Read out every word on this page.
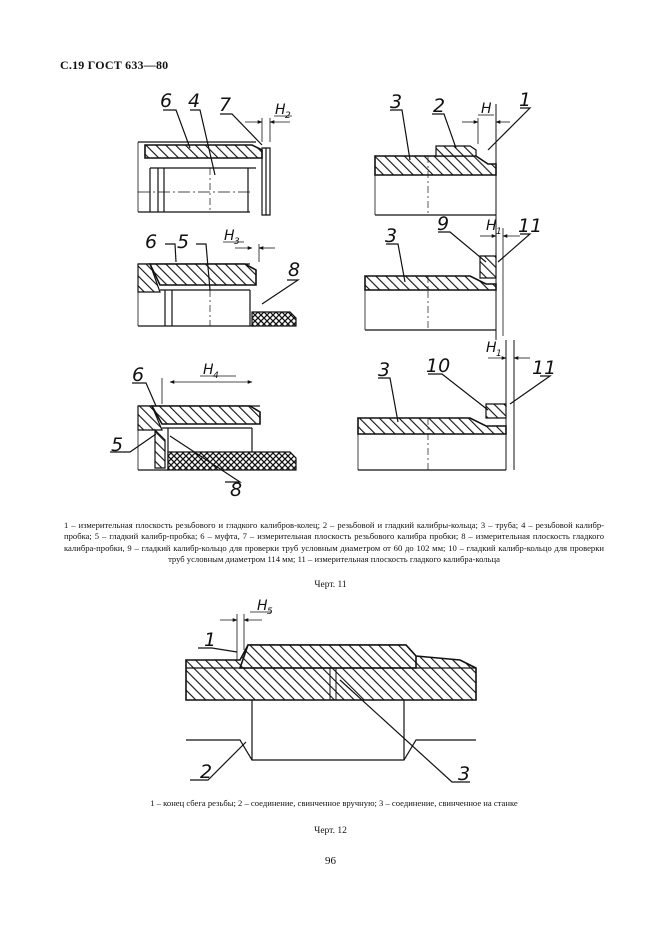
С.19 ГОСТ 633—80
6 4 7	H 2
6 5 H 3
8
6	H 4
5
8
3 2	H 1
3
9	H 1 11
3 10
H 1
11
H 5
1
2	3
1 – измерительная плоскость резьбового и гладкого калибров-колец; 2 – резьбовой и гладкий калибры-кольца; 3 – труба; 4 – резьбовой калибр-пробка; 5 – гладкий калибр-пробка; 6 – муфта, 7 – измерительная плоскость резьбового калибра пробки; 8 – измерительная плоскость гладкого калибра-пробки, 9 – гладкий калибр-кольцо для проверки труб условным диаметром от 60 до 102 мм; 10 – гладкий калибр-кольцо для проверки труб условным диаметром 114 мм; 11 – измерительная плоскость гладкого калибра-кольца
Черт. 11
1 – конец сбега резьбы; 2 – соединение, свинченное вручную; 3 – соединение, свинченное на станке
Черт. 12
96
